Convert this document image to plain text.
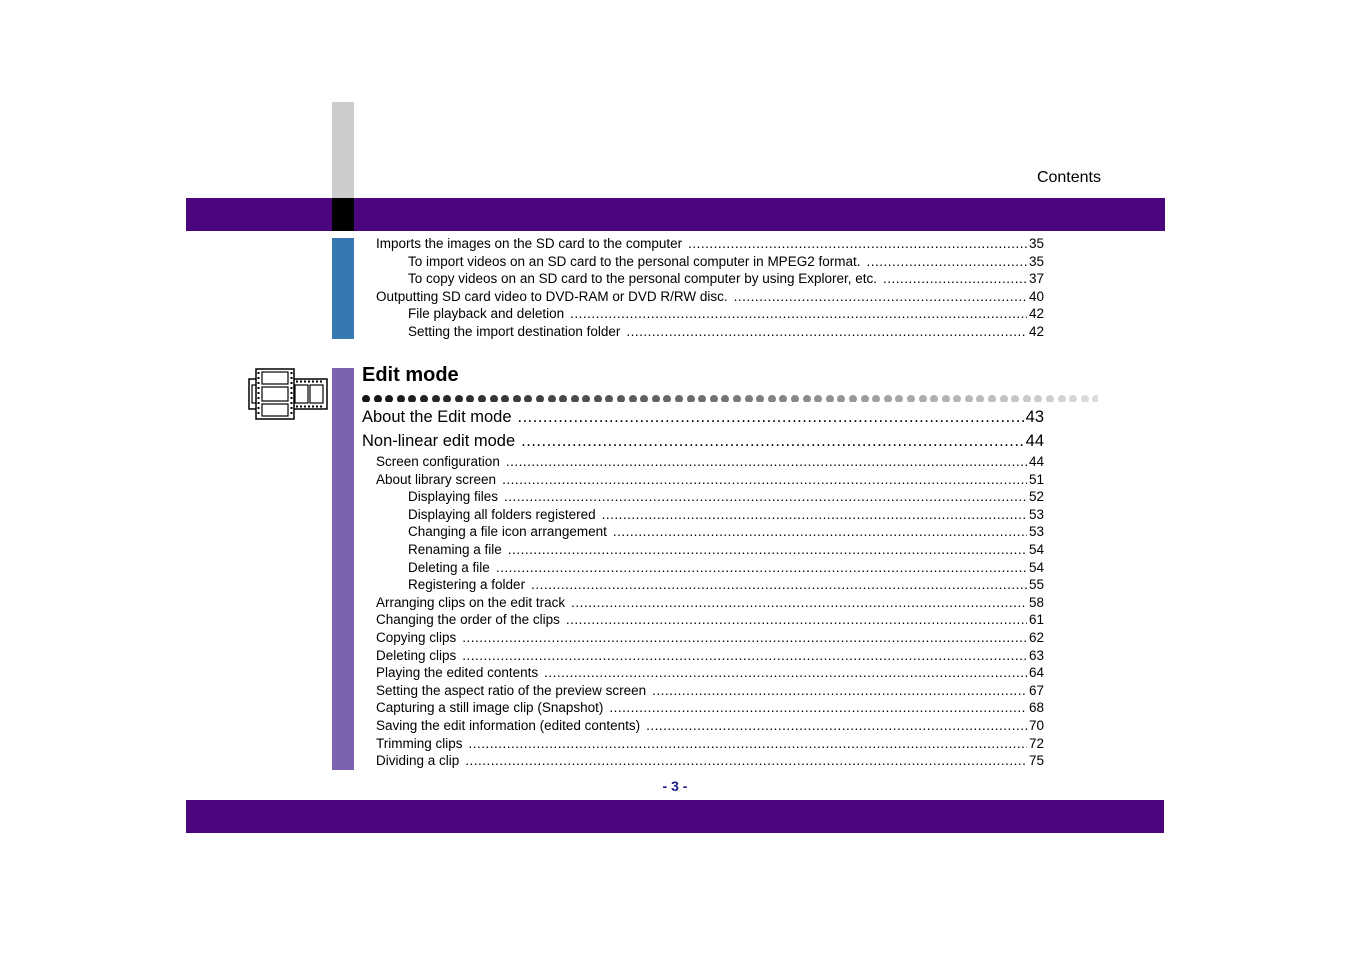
Contents
Imports the images on the SD card to the computer .....	35
To import videos on an SD card to the personal computer in MPEG2 format. .....	35
To copy videos on an SD card to the personal computer by using Explorer, etc. .....	37
Outputting SD card video to DVD-RAM or DVD R/RW disc. .....	40
File playback and deletion .....	42
Setting the import destination folder .....	42
Edit mode
About the Edit mode .....	43
Non-linear edit mode .....	44
Screen configuration .....	44
About library screen .....	51
Displaying files .....	52
Displaying all folders registered .....	53
Changing a file icon arrangement .....	53
Renaming a file .....	54
Deleting a file .....	54
Registering a folder .....	55
Arranging clips on the edit track .....	58
Changing the order of the clips .....	61
Copying clips .....	62
Deleting clips .....	63
Playing the edited contents .....	64
Setting the aspect ratio of the preview screen .....	67
Capturing a still image clip (Snapshot) .....	68
Saving the edit information (edited contents) .....	70
Trimming clips .....	72
Dividing a clip .....	75
- 3 -
